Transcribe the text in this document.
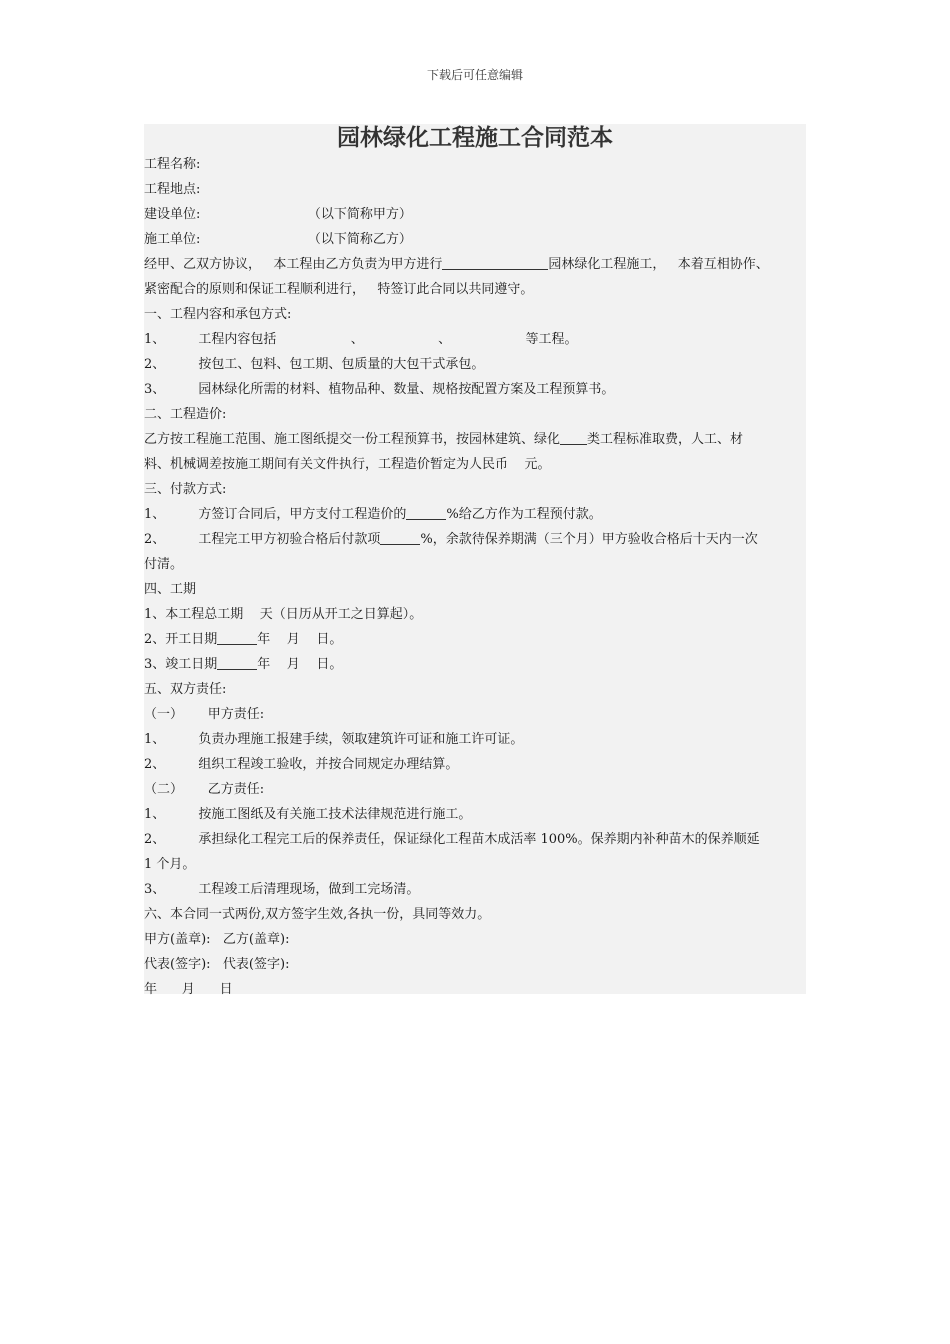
下载后可任意编辑
园林绿化工程施工合同范本
工程名称:
工程地点:
建设单位:                          （以下简称甲方）
施工单位:                          （以下简称乙方）
经甲、乙双方协议，   本工程由乙方负责为甲方进行	园林绿化工程施工，   本着互相协作、
紧密配合的原则和保证工程顺利进行，   特签订此合同以共同遵守。
一、工程内容和承包方式:
1、        工程内容包括                  、                  、                  等工程。
2、        按包工、包料、包工期、包质量的大包干式承包。
3、        园林绿化所需的材料、植物品种、数量、规格按配置方案及工程预算书。
二、工程造价:
乙方按工程施工范围、施工图纸提交一份工程预算书，按园林建筑、绿化 类工程标准取费，人工、材
料、机械调差按施工期间有关文件执行，工程造价暂定为人民币    元。
三、付款方式:
1、        方签订合同后，甲方支付工程造价的	%给乙方作为工程预付款。
2、        工程完工甲方初验合格后付款项	%，余款待保养期满（三个月）甲方验收合格后十天内一次
付清。
四、工期
1、本工程总工期    天（日历从开工之日算起）。
2、开工日期	年    月    日。
3、竣工日期	年    月    日。
五、双方责任:
（一）      甲方责任:
1、        负责办理施工报建手续，领取建筑许可证和施工许可证。
2、        组织工程竣工验收，并按合同规定办理结算。
（二）      乙方责任:
1、        按施工图纸及有关施工技术法律规范进行施工。
2、        承担绿化工程完工后的保养责任，保证绿化工程苗木成活率 100%。保养期内补种苗木的保养顺延
1 个月。
3、        工程竣工后清理现场，做到工完场清。
六、本合同一式两份,双方签字生效,各执一份，具同等效力。
甲方(盖章):   乙方(盖章):
代表(签字):   代表(签字):
年      月      日
